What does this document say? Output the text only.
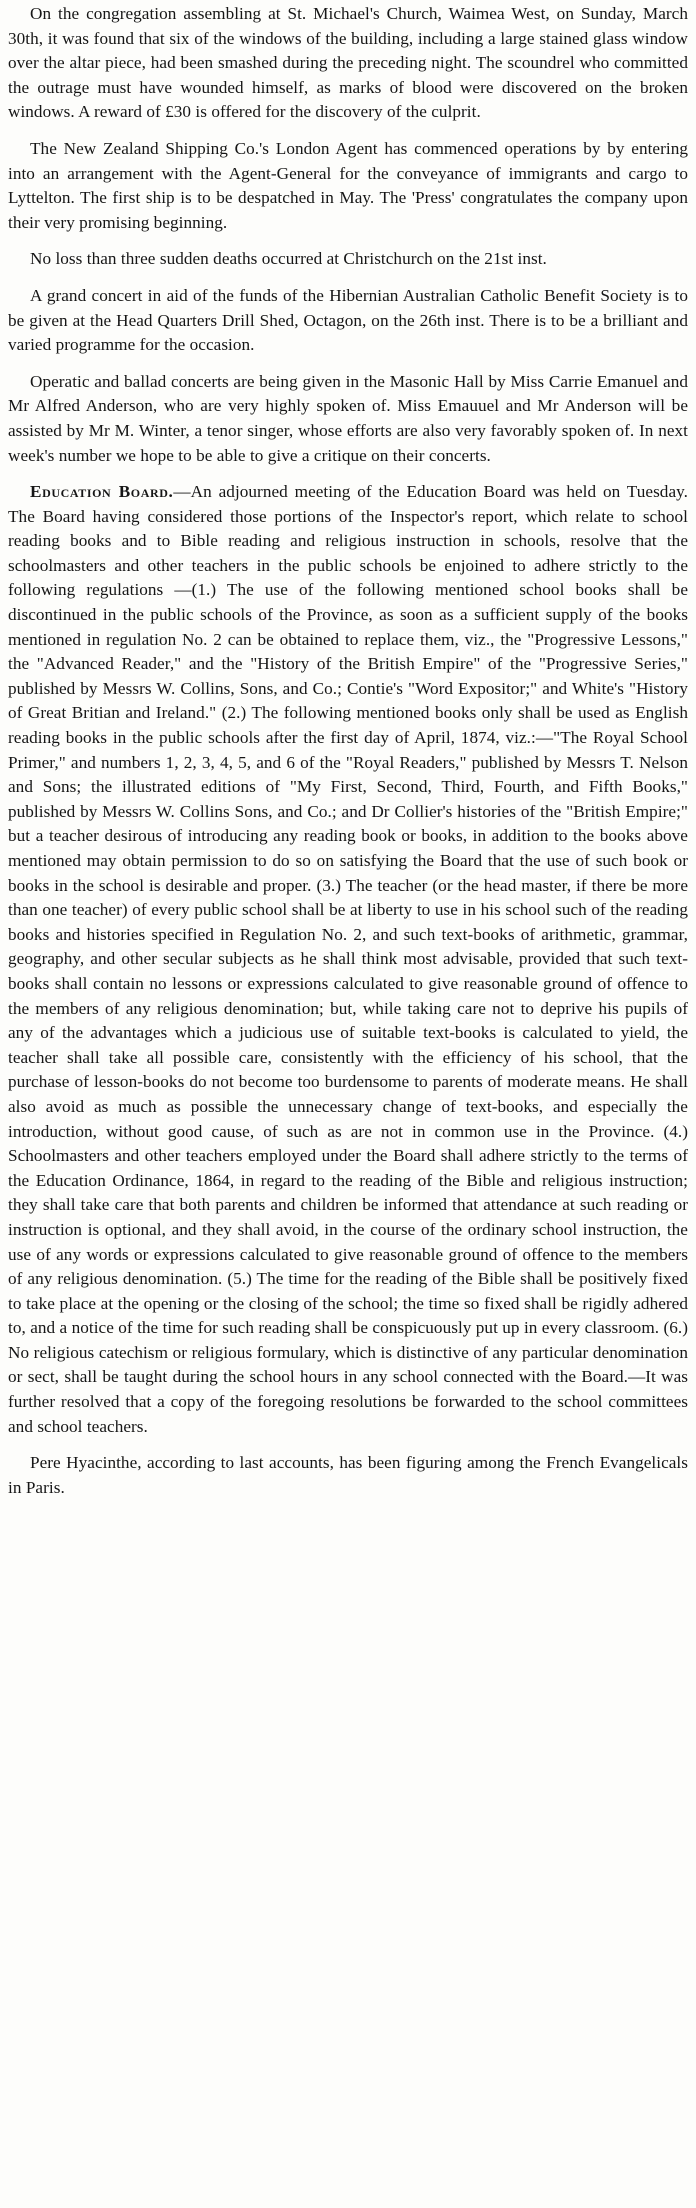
On the congregation assembling at St. Michael's Church, Waimea West, on Sunday, March 30th, it was found that six of the windows of the building, including a large stained glass window over the altar piece, had been smashed during the preceding night. The scoundrel who committed the outrage must have wounded himself, as marks of blood were discovered on the broken windows. A reward of £30 is offered for the discovery of the culprit.

The New Zealand Shipping Co.'s London Agent has commenced operations by by entering into an arrangement with the Agent-General for the conveyance of immigrants and cargo to Lyttelton. The first ship is to be despatched in May. The 'Press' congratulates the company upon their very promising beginning.

No loss than three sudden deaths occurred at Christchurch on the 21st inst.

A grand concert in aid of the funds of the Hibernian Australian Catholic Benefit Society is to be given at the Head Quarters Drill Shed, Octagon, on the 26th inst. There is to be a brilliant and varied programme for the occasion.

Operatic and ballad concerts are being given in the Masonic Hall by Miss Carrie Emanuel and Mr Alfred Anderson, who are very highly spoken of. Miss Emauuel and Mr Anderson will be assisted by Mr M. Winter, a tenor singer, whose efforts are also very favorably spoken of. In next week's number we hope to be able to give a critique on their concerts.

Education Board.—An adjourned meeting of the Education Board was held on Tuesday. The Board having considered those portions of the Inspector's report, which relate to school reading books and to Bible reading and religious instruction in schools, resolve that the schoolmasters and other teachers in the public schools be enjoined to adhere strictly to the following regulations —(1.) The use of the following mentioned school books shall be discontinued in the public schools of the Province, as soon as a sufficient supply of the books mentioned in regulation No. 2 can be obtained to replace them, viz., the "Progressive Lessons," the "Advanced Reader," and the "History of the British Empire" of the "Progressive Series," published by Messrs W. Collins, Sons, and Co.; Contie's "Word Expositor;" and White's "History of Great Britian and Ireland." (2.) The following mentioned books only shall be used as English reading books in the public schools after the first day of April, 1874, viz.:—"The Royal School Primer," and numbers 1, 2, 3, 4, 5, and 6 of the "Royal Readers," published by Messrs T. Nelson and Sons; the illustrated editions of "My First, Second, Third, Fourth, and Fifth Books," published by Messrs W. Collins Sons, and Co.; and Dr Collier's histories of the "British Empire;" but a teacher desirous of introducing any reading book or books, in addition to the books above mentioned may obtain permission to do so on satisfying the Board that the use of such book or books in the school is desirable and proper. (3.) The teacher (or the head master, if there be more than one teacher) of every public school shall be at liberty to use in his school such of the reading books and histories specified in Regulation No. 2, and such text-books of arithmetic, grammar, geography, and other secular subjects as he shall think most advisable, provided that such text-books shall contain no lessons or expressions calculated to give reasonable ground of offence to the members of any religious denomination; but, while taking care not to deprive his pupils of any of the advantages which a judicious use of suitable text-books is calculated to yield, the teacher shall take all possible care, consistently with the efficiency of his school, that the purchase of lesson-books do not become too burdensome to parents of moderate means. He shall also avoid as much as possible the unnecessary change of text-books, and especially the introduction, without good cause, of such as are not in common use in the Province. (4.) Schoolmasters and other teachers employed under the Board shall adhere strictly to the terms of the Education Ordinance, 1864, in regard to the reading of the Bible and religious instruction; they shall take care that both parents and children be informed that attendance at such reading or instruction is optional, and they shall avoid, in the course of the ordinary school instruction, the use of any words or expressions calculated to give reasonable ground of offence to the members of any religious denomination. (5.) The time for the reading of the Bible shall be positively fixed to take place at the opening or the closing of the school; the time so fixed shall be rigidly adhered to, and a notice of the time for such reading shall be conspicuously put up in every classroom. (6.) No religious catechism or religious formulary, which is distinctive of any particular denomination or sect, shall be taught during the school hours in any school connected with the Board.—It was further resolved that a copy of the foregoing resolutions be forwarded to the school committees and school teachers.

Pere Hyacinthe, according to last accounts, has been figuring among the French Evangelicals in Paris.
